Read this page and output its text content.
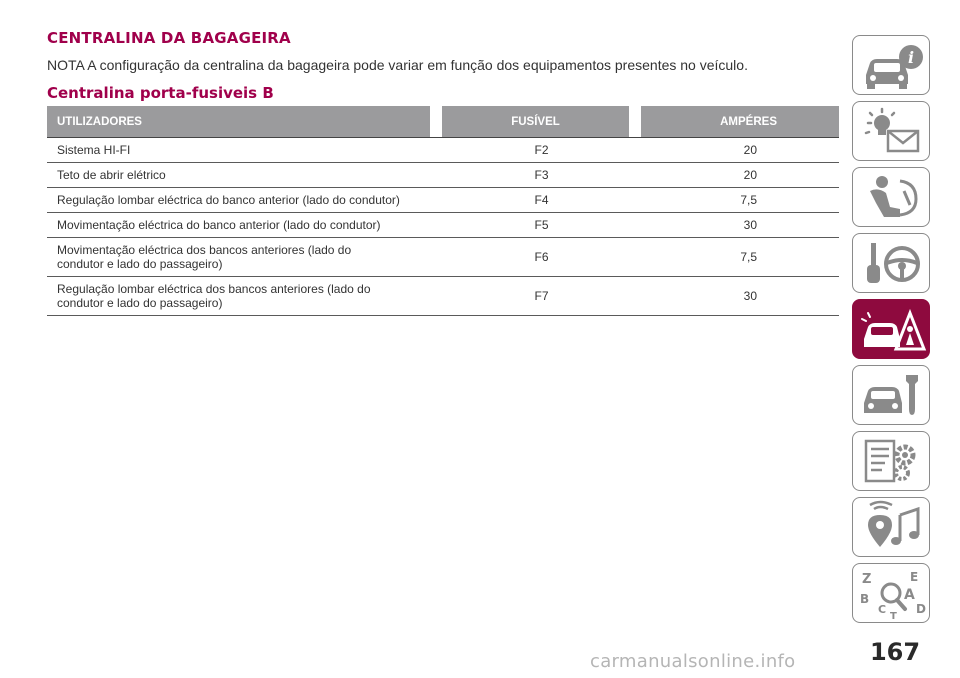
CENTRALINA DA BAGAGEIRA

NOTA A configuração da centralina da bagageira pode variar em função dos equipamentos presentes no veículo.

Centralina porta-fusiveis B
UTILIZADORES		FUSÍVEL		AMPÉRES
Sistema HI-FI		F2		20
Teto de abrir elétrico		F3		20
Regulação lombar eléctrica do banco anterior (lado do condutor)		F4		7,5
Movimentação eléctrica do banco anterior (lado do condutor)		F5		30

Movimentação eléctrica dos bancos anteriores (lado do condutor e lado do passageiro)		F6		7,5

Regulação lombar eléctrica dos bancos anteriores (lado do condutor e lado do passageiro)		F7		30
i
Z	E
A
B
C D
T
167
carmanualsonline.info
